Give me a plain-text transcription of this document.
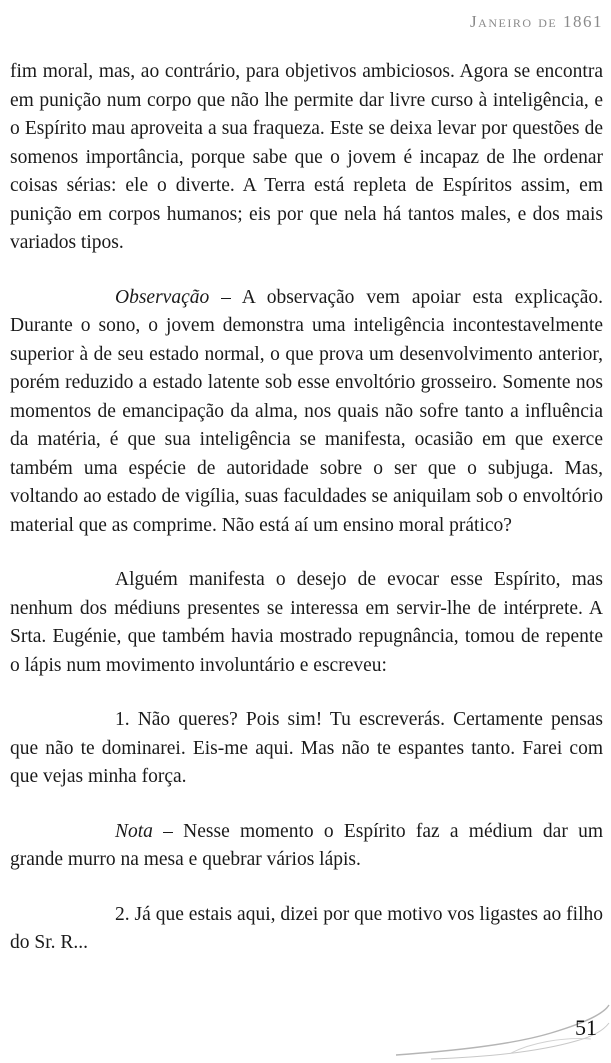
Janeiro de 1861

fim moral, mas, ao contrário, para objetivos ambiciosos. Agora se encontra em punição num corpo que não lhe permite dar livre curso à inteligência, e o Espírito mau aproveita a sua fraqueza. Este se deixa levar por questões de somenos importância, porque sabe que o jovem é incapaz de lhe ordenar coisas sérias: ele o diverte. A Terra está repleta de Espíritos assim, em punição em corpos humanos; eis por que nela há tantos males, e dos mais variados tipos.

Observação – A observação vem apoiar esta explicação. Durante o sono, o jovem demonstra uma inteligência incontestavelmente superior à de seu estado normal, o que prova um desenvolvimento anterior, porém reduzido a estado latente sob esse envoltório grosseiro. Somente nos momentos de emancipação da alma, nos quais não sofre tanto a influência da matéria, é que sua inteligência se manifesta, ocasião em que exerce também uma espécie de autoridade sobre o ser que o subjuga. Mas, voltando ao estado de vigília, suas faculdades se aniquilam sob o envoltório material que as comprime. Não está aí um ensino moral prático?

Alguém manifesta o desejo de evocar esse Espírito, mas nenhum dos médiuns presentes se interessa em servir-lhe de intérprete. A Srta. Eugénie, que também havia mostrado repugnância, tomou de repente o lápis num movimento involuntário e escreveu:

1. Não queres? Pois sim! Tu escreverás. Certamente pensas que não te dominarei. Eis-me aqui. Mas não te espantes tanto. Farei com que vejas minha força.

Nota – Nesse momento o Espírito faz a médium dar um grande murro na mesa e quebrar vários lápis.

2. Já que estais aqui, dizei por que motivo vos ligastes ao filho do Sr. R...

51
